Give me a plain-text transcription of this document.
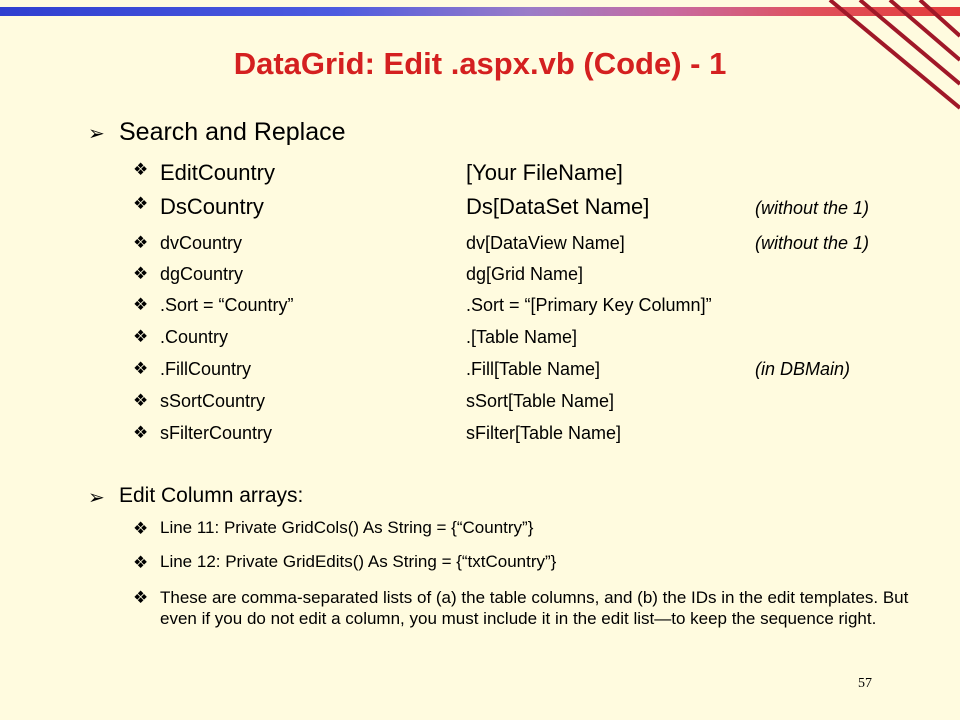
DataGrid: Edit .aspx.vb (Code) - 1
➢ Search and Replace
❖ EditCountry	[Your FileName]
❖ DsCountry	Ds[DataSet Name]	(without the 1)
❖ dvCountry	dv[DataView Name]	(without the 1)
❖ dgCountry	dg[Grid Name]
❖ .Sort = “Country”	.Sort = “[Primary Key Column]”
❖ .Country	.[Table Name]
❖ .FillCountry	.Fill[Table Name]	(in DBMain)
❖ sSortCountry	sSort[Table Name]
❖ sFilterCountry	sFilter[Table Name]
➢ Edit Column arrays:
❖ Line 11: Private GridCols() As String = {“Country”}
❖ Line 12: Private GridEdits() As String = {“txtCountry”}
❖ These are comma-separated lists of (a) the table columns, and (b) the IDs in the edit templates. But even if you do not edit a column, you must include it in the edit list—to keep the sequence right.
57
